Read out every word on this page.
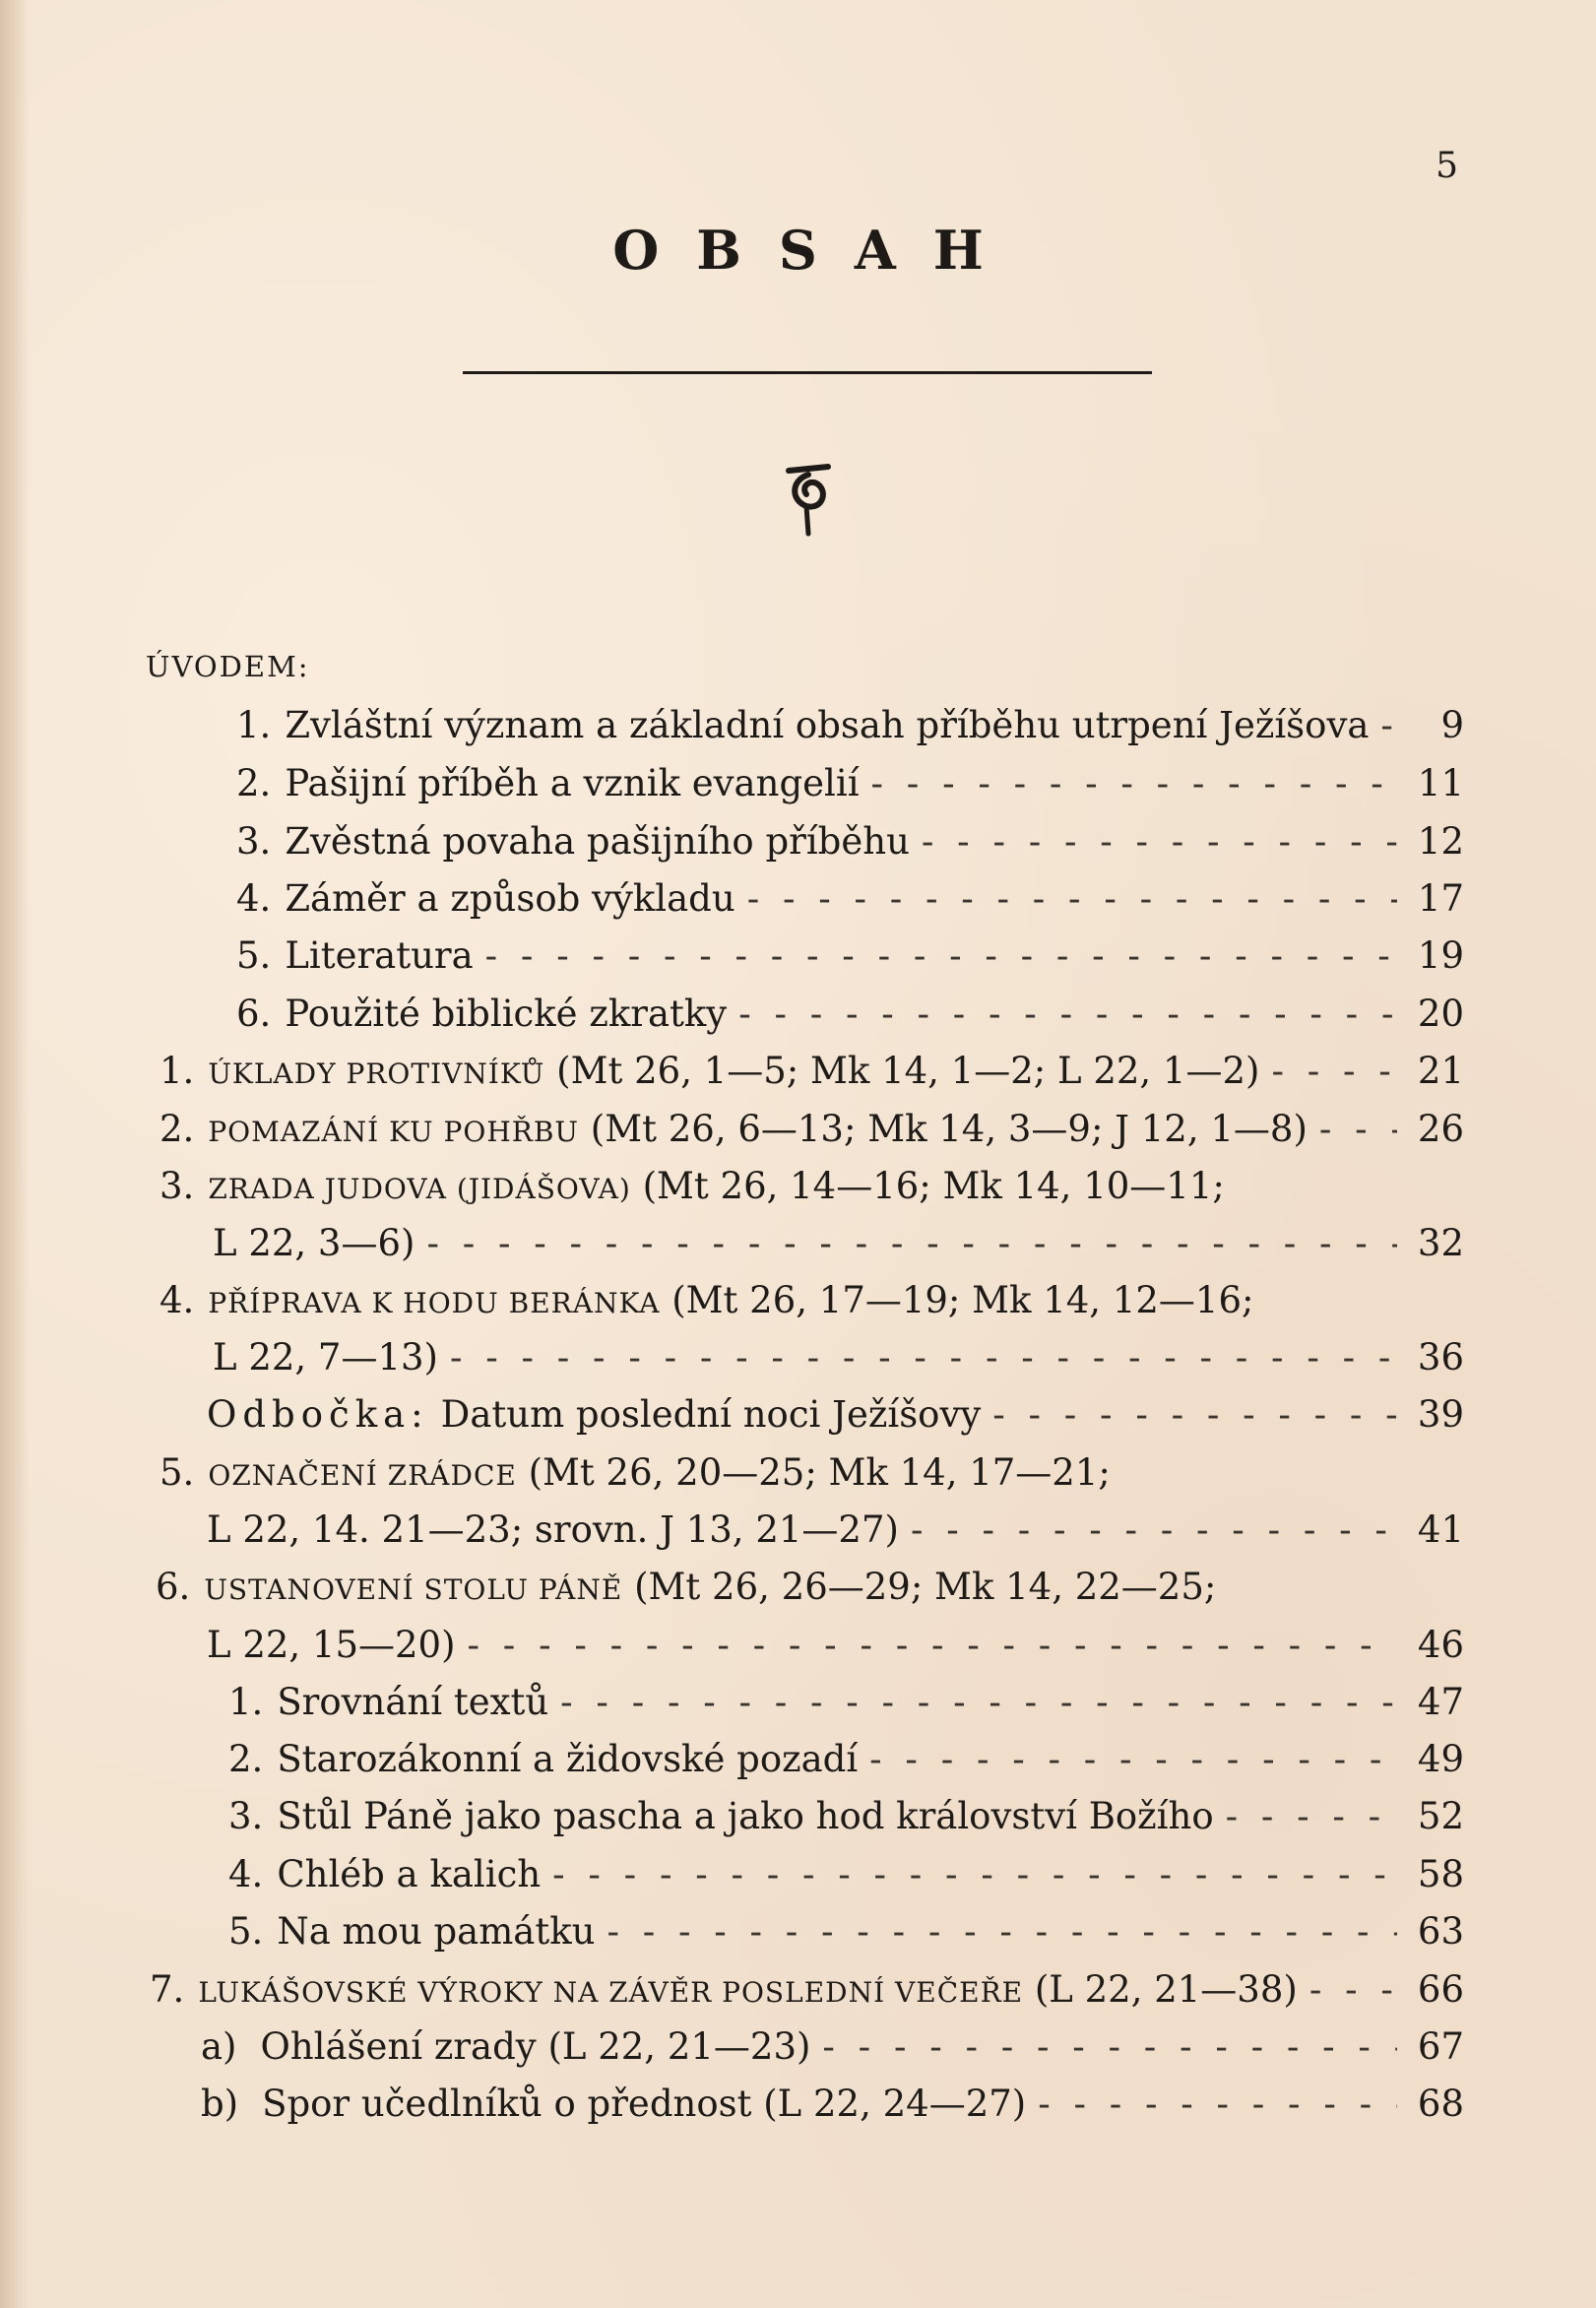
5
OBSAH
ÚVODEM:
1. Zvláštní význam a základní obsah příběhu utrpení Ježíšova - - -	9
2. Pašijní příběh a vznik evangelií - - -	11
3. Zvěstná povaha pašijního příběhu - - -	12
4. Záměr a způsob výkladu - - -	17
5. Literatura - - -	19
6. Použité biblické zkratky - - -	20
1. ÚKLADY PROTIVNÍKŮ (Mt 26, 1—5; Mk 14, 1—2; L 22, 1—2) - - -	21
2. POMAZÁNÍ KU POHŘBU (Mt 26, 6—13; Mk 14, 3—9; J 12, 1—8) - - -	26
3. ZRADA JUDOVA (JIDÁŠOVA) (Mt 26, 14—16; Mk 14, 10—11;
L 22, 3—6) - - -	32
4. PŘÍPRAVA K HODU BERÁNKA (Mt 26, 17—19; Mk 14, 12—16;
L 22, 7—13) - - -	36
Odbočka: Datum poslední noci Ježíšovy - - -	39
5. OZNAČENÍ ZRÁDCE (Mt 26, 20—25; Mk 14, 17—21;
L 22, 14. 21—23; srovn. J 13, 21—27) - - -	41
6. USTANOVENÍ STOLU PÁNĚ (Mt 26, 26—29; Mk 14, 22—25;
L 22, 15—20) - - -	46
1. Srovnání textů - - -	47
2. Starozákonní a židovské pozadí - - -	49
3. Stůl Páně jako pascha a jako hod království Božího - - -	52
4. Chléb a kalich - - -	58
5. Na mou památku - - -	63
7. LUKÁŠOVSKÉ VÝROKY NA ZÁVĚR POSLEDNÍ VEČEŘE (L 22, 21—38) - - -	66
a) Ohlášení zrady (L 22, 21—23) - - -	67
b) Spor učedlníků o přednost (L 22, 24—27) - - -	68
